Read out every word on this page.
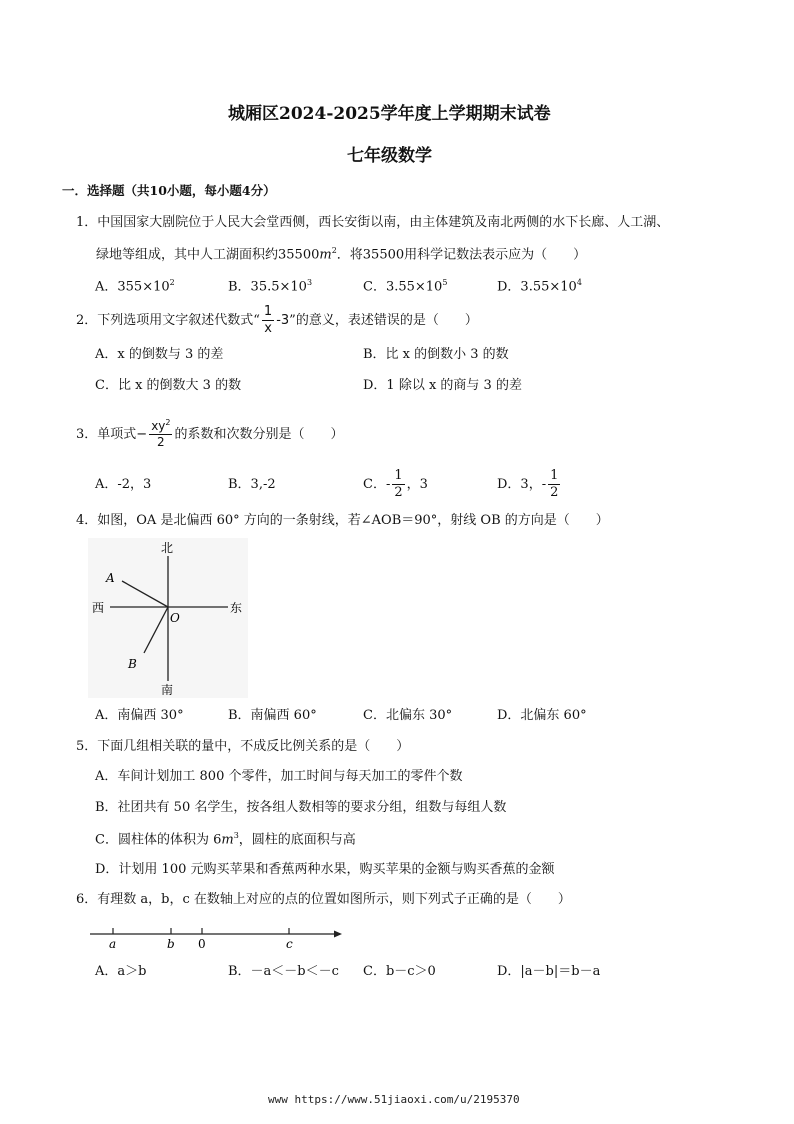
城厢区2024-2025学年度上学期期末试卷
七年级数学
一．选择题（共10小题，每小题4分）
1．中国国家大剧院位于人民大会堂西侧，西长安街以南，由主体建筑及南北两侧的水下长廊、人工湖、
绿地等组成，其中人工湖面积约$35500m^2$．将35500用科学记数法表示应为（　　）
A．$355\times 10^2$	B．$35.5\times 10^3$	C．$3.55\times 10^5$	D．$3.55\times 10^4$
2．下列选项用文字叙述代数式“ $\frac{1}{x} -3$ ”的意义，表述错误的是（　　）
A．x 的倒数与 3 的差	B．比 x 的倒数小 3 的数
C．比 x 的倒数大 3 的数	D．1 除以 x 的商与 3 的差
3．单项式 − $\frac{xy^2}{2}$ 的系数和次数分别是（　　）
A．-2，3	B．3,-2	C．- $\frac{1}{2}$ ，3	D．3，- $\frac{1}{2}$
4．如图，OA 是北偏西 60° 方向的一条射线，若∠AOB＝90°，射线 OB 的方向是（　　）
北
南
西	东
A
B
O
A．南偏西 30°	B．南偏西 60°	C．北偏东 30°	D．北偏东 60°
5．下面几组相关联的量中，不成反比例关系的是（　　）
A．车间计划加工 800 个零件，加工时间与每天加工的零件个数
B．社团共有 50 名学生，按各组人数相等的要求分组，组数与每组人数
C．圆柱体的体积为 $6m^3$，圆柱的底面积与高
D．计划用 100 元购买苹果和香蕉两种水果，购买苹果的金额与购买香蕉的金额
6．有理数 a，b，c 在数轴上对应的点的位置如图所示，则下列式子正确的是（　　）
a	b 0	c
A．a＞b	B．－a＜－b＜－c C．b－c＞0	D．|a－b|＝b－a
www https://www.51jiaoxi.com/u/2195370
